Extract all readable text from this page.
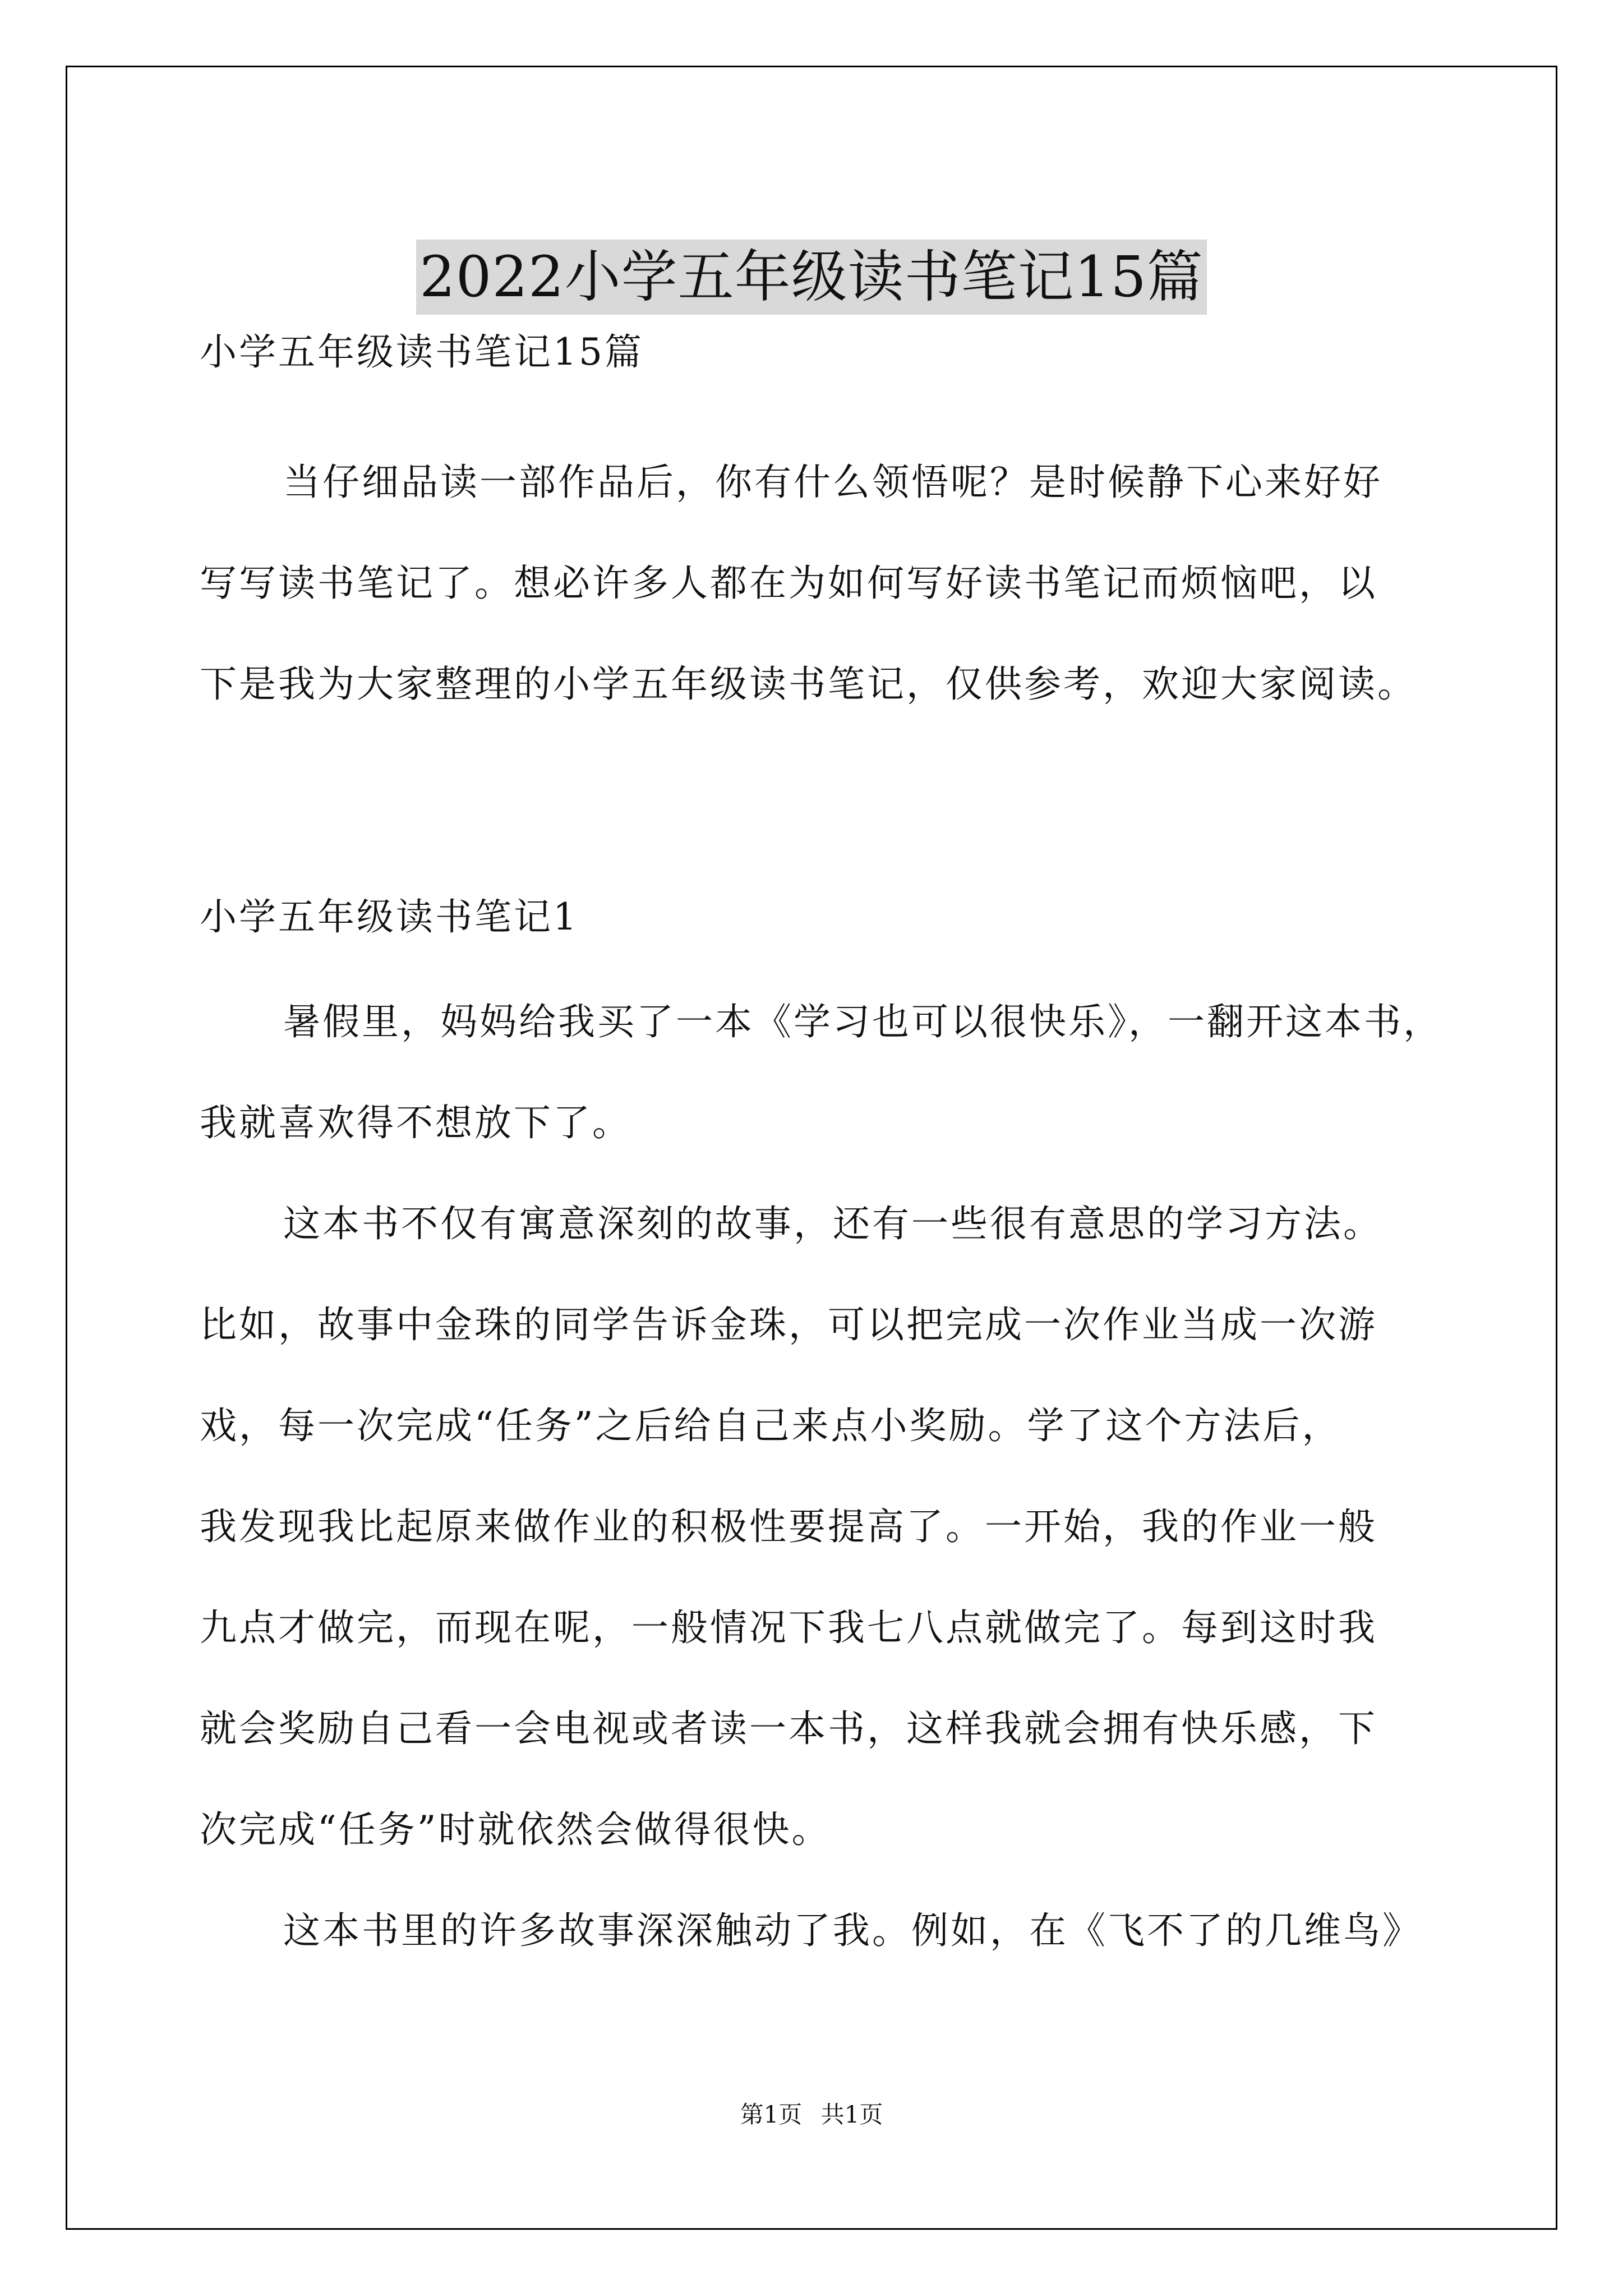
2022小学五年级读书笔记15篇
小学五年级读书笔记15篇
当仔细品读一部作品后，你有什么领悟呢？是时候静下心来好好
写写读书笔记了。想必许多人都在为如何写好读书笔记而烦恼吧，以
下是我为大家整理的小学五年级读书笔记，仅供参考，欢迎大家阅读。
小学五年级读书笔记1
暑假里，妈妈给我买了一本《学习也可以很快乐》，一翻开这本书，
我就喜欢得不想放下了。
这本书不仅有寓意深刻的故事，还有一些很有意思的学习方法。
比如，故事中金珠的同学告诉金珠，可以把完成一次作业当成一次游
戏，每一次完成“任务”之后给自己来点小奖励。学了这个方法后，
我发现我比起原来做作业的积极性要提高了。一开始，我的作业一般
九点才做完，而现在呢，一般情况下我七八点就做完了。每到这时我
就会奖励自己看一会电视或者读一本书，这样我就会拥有快乐感，下
次完成“任务”时就依然会做得很快。
这本书里的许多故事深深触动了我。例如，在《飞不了的几维鸟》
第1页 共1页
